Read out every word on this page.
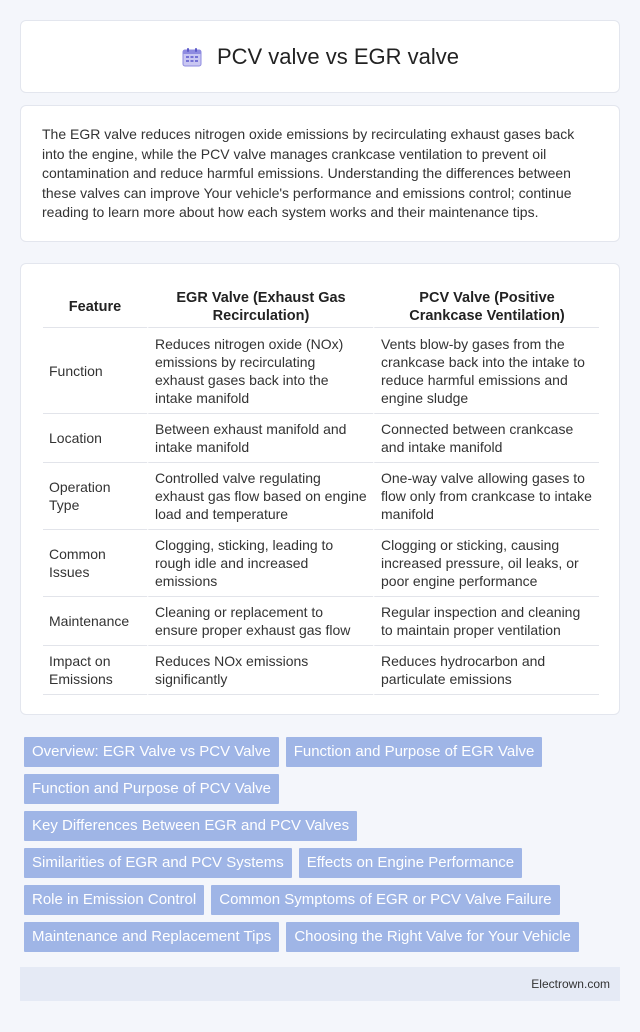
PCV valve vs EGR valve

The EGR valve reduces nitrogen oxide emissions by recirculating exhaust gases back into the engine, while the PCV valve manages crankcase ventilation to prevent oil contamination and reduce harmful emissions. Understanding the differences between these valves can improve Your vehicle's performance and emissions control; continue reading to learn more about how each system works and their maintenance tips.

Feature	EGR Valve (Exhaust Gas Recirculation)	PCV Valve (Positive Crankcase Ventilation)
Function	Reduces nitrogen oxide (NOx) emissions by recirculating exhaust gases back into the intake manifold	Vents blow-by gases from the crankcase back into the intake to reduce harmful emissions and engine sludge
Location	Between exhaust manifold and intake manifold	Connected between crankcase and intake manifold
Operation Type	Controlled valve regulating exhaust gas flow based on engine load and temperature	One-way valve allowing gases to flow only from crankcase to intake manifold
Common Issues	Clogging, sticking, leading to rough idle and increased emissions	Clogging or sticking, causing increased pressure, oil leaks, or poor engine performance
Maintenance	Cleaning or replacement to ensure proper exhaust gas flow	Regular inspection and cleaning to maintain proper ventilation
Impact on Emissions	Reduces NOx emissions significantly	Reduces hydrocarbon and particulate emissions
Overview: EGR Valve vs PCV Valve	Function and Purpose of EGR Valve
Function and Purpose of PCV Valve
Key Differences Between EGR and PCV Valves
Similarities of EGR and PCV Systems	Effects on Engine Performance
Role in Emission Control	Common Symptoms of EGR or PCV Valve Failure
Maintenance and Replacement Tips	Choosing the Right Valve for Your Vehicle
Electrown.com
